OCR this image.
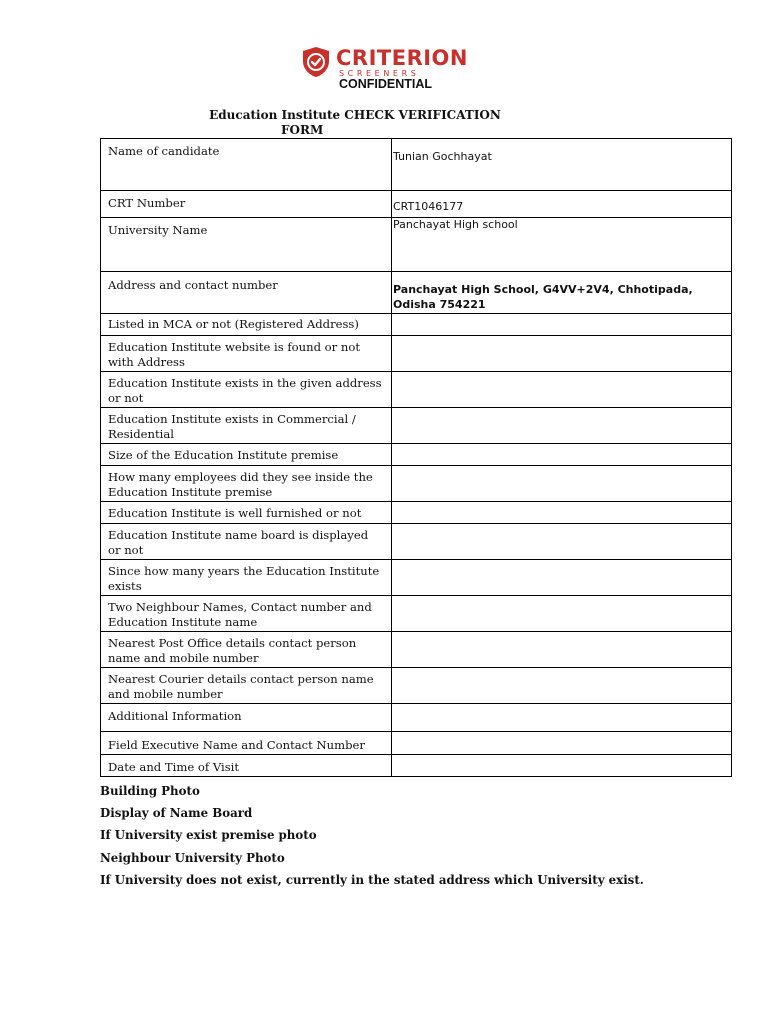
CRITERION
SCREENERS
CONFIDENTIAL
Education Institute CHECK VERIFICATION
FORM
Name of candidate	Tunian Gochhayat
CRT Number	CRT1046177
University Name	Panchayat High school
Address and contact number	Panchayat High School, G4VV+2V4, Chhotipada, Odisha 754221
Listed in MCA or not (Registered Address)	
Education Institute website is found or not with Address	
Education Institute exists in the given address or not	
Education Institute exists in Commercial / Residential	
Size of the Education Institute premise	
How many employees did they see inside the Education Institute premise	
Education Institute is well furnished or not	
Education Institute name board is displayed or not	
Since how many years the Education Institute exists	
Two Neighbour Names, Contact number and Education Institute name	
Nearest Post Office details contact person name and mobile number	
Nearest Courier details contact person name and mobile number	
Additional Information	
Field Executive Name and Contact Number	
Date and Time of Visit	
Building Photo
Display of Name Board
If University exist premise photo
Neighbour University Photo
If University does not exist, currently in the stated address which University exist.
